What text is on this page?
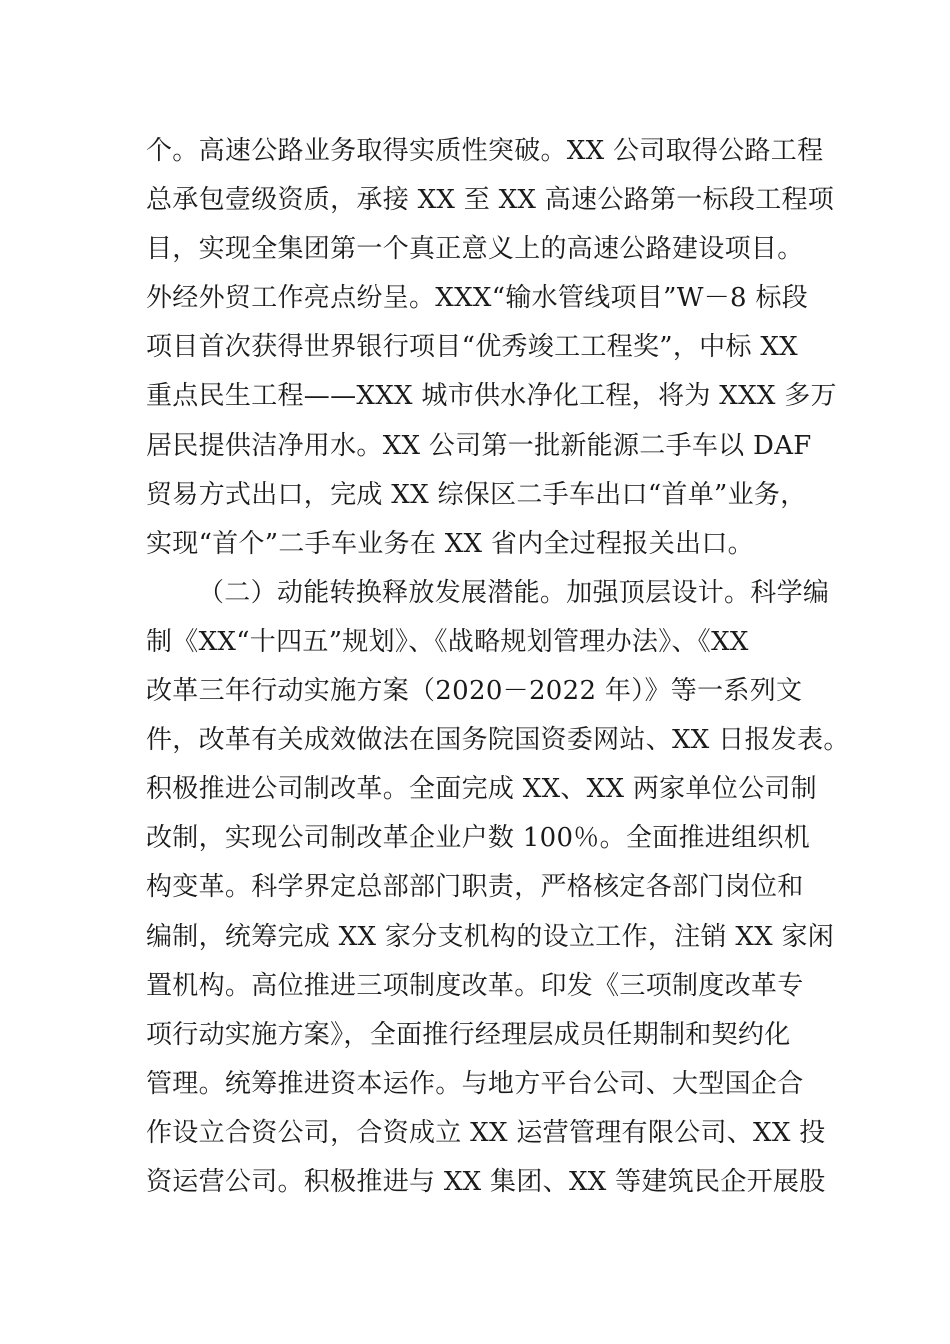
个。高速公路业务取得实质性突破。XX 公司取得公路工程
总承包壹级资质，承接 XX 至 XX 高速公路第一标段工程项
目，实现全集团第一个真正意义上的高速公路建设项目。
外经外贸工作亮点纷呈。XXX“输水管线项目”W－8 标段
项目首次获得世界银行项目“优秀竣工工程奖”，中标 XX
重点民生工程——XXX 城市供水净化工程，将为 XXX 多万
居民提供洁净用水。XX 公司第一批新能源二手车以 DAF
贸易方式出口，完成 XX 综保区二手车出口“首单”业务，
实现“首个”二手车业务在 XX 省内全过程报关出口。
（二）动能转换释放发展潜能。加强顶层设计。科学编
制《XX“十四五”规划》、《战略规划管理办法》、《XX
改革三年行动实施方案（2020－2022 年）》等一系列文
件，改革有关成效做法在国务院国资委网站、XX 日报发表。
积极推进公司制改革。全面完成 XX、XX 两家单位公司制
改制，实现公司制改革企业户数 100％。全面推进组织机
构变革。科学界定总部部门职责，严格核定各部门岗位和
编制，统筹完成 XX 家分支机构的设立工作，注销 XX 家闲
置机构。高位推进三项制度改革。印发《三项制度改革专
项行动实施方案》，全面推行经理层成员任期制和契约化
管理。统筹推进资本运作。与地方平台公司、大型国企合
作设立合资公司，合资成立 XX 运营管理有限公司、XX 投
资运营公司。积极推进与 XX 集团、XX 等建筑民企开展股
